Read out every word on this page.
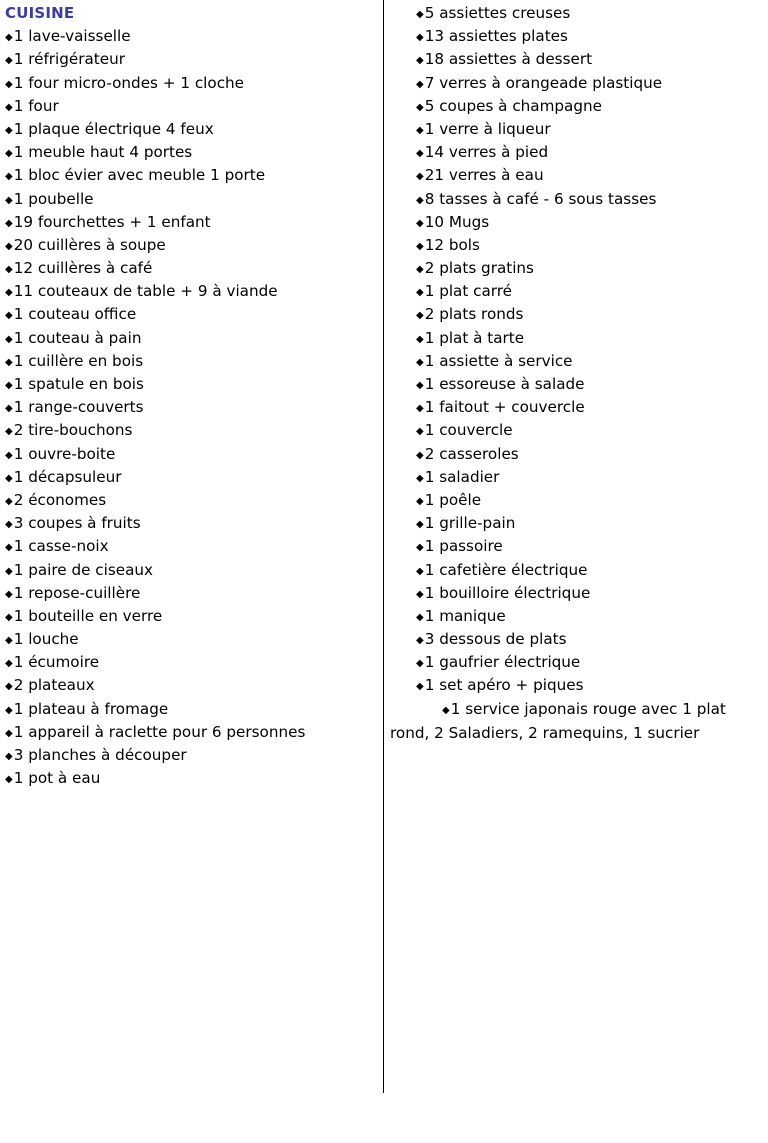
CUISINE
◆1 lave-vaisselle
◆1 réfrigérateur
◆1 four micro-ondes + 1 cloche
◆1 four
◆1 plaque électrique 4 feux
◆1 meuble haut 4 portes
◆1 bloc évier avec meuble 1 porte
◆1 poubelle
◆19 fourchettes + 1 enfant
◆20 cuillères à soupe
◆12 cuillères à café
◆11 couteaux de table + 9 à viande
◆1 couteau office
◆1 couteau à pain
◆1 cuillère en bois
◆1 spatule en bois
◆1 range-couverts
◆2 tire-bouchons
◆1 ouvre-boite
◆1 décapsuleur
◆2 économes
◆3 coupes à fruits
◆1 casse-noix
◆1 paire de ciseaux
◆1 repose-cuillère
◆1 bouteille en verre
◆1 louche
◆1 écumoire
◆2 plateaux
◆1 plateau à fromage
◆1 appareil à raclette pour 6 personnes
◆3 planches à découper
◆1 pot à eau
◆5 assiettes creuses
◆13 assiettes plates
◆18 assiettes à dessert
◆7 verres à orangeade plastique
◆5 coupes à champagne
◆1 verre à liqueur
◆14 verres à pied
◆21 verres à eau
◆8 tasses à café - 6 sous tasses
◆10 Mugs
◆12 bols
◆2 plats gratins
◆1 plat carré
◆2 plats ronds
◆1 plat à tarte
◆1 assiette à service
◆1 essoreuse à salade
◆1 faitout + couvercle
◆1 couvercle
◆2 casseroles
◆1 saladier
◆1 poêle
◆1 grille-pain
◆1 passoire
◆1 cafetière électrique
◆1 bouilloire électrique
◆1 manique
◆3 dessous de plats
◆1 gaufrier électrique
◆1 set apéro + piques
◆1 service japonais rouge avec 1 plat rond, 2 Saladiers, 2 ramequins, 1 sucrier
